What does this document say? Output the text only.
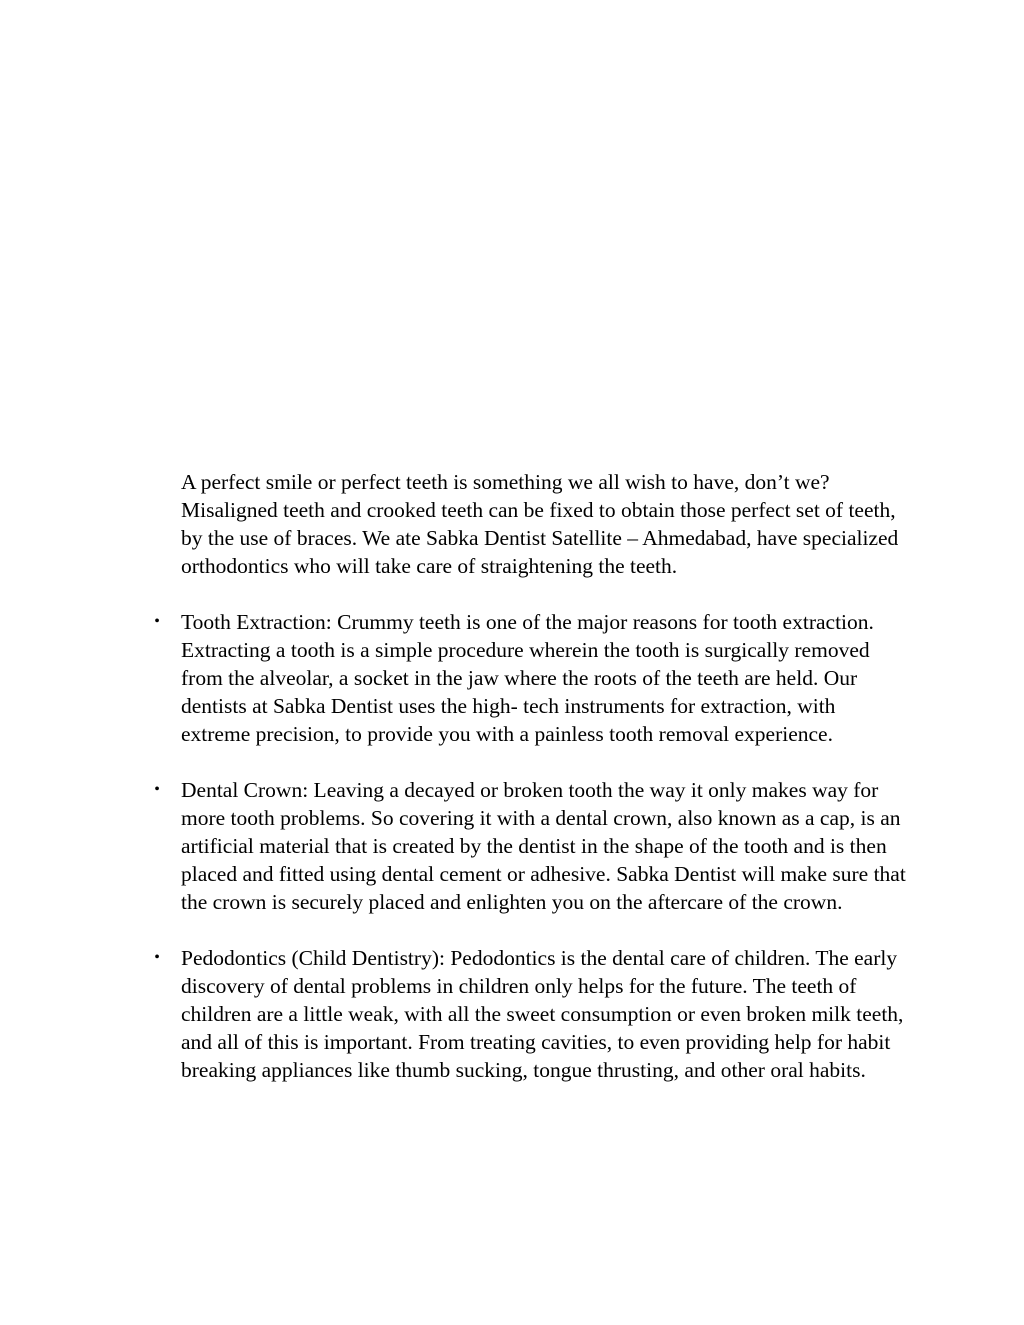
A perfect smile or perfect teeth is something we all wish to have, don’t we? Misaligned teeth and crooked teeth can be fixed to obtain those perfect set of teeth, by the use of braces. We ate Sabka Dentist Satellite – Ahmedabad, have specialized orthodontics who will take care of straightening the teeth.

• Tooth Extraction: Crummy teeth is one of the major reasons for tooth extraction. Extracting a tooth is a simple procedure wherein the tooth is surgically removed from the alveolar, a socket in the jaw where the roots of the teeth are held. Our dentists at Sabka Dentist uses the high- tech instruments for extraction, with extreme precision, to provide you with a painless tooth removal experience.
• Dental Crown: Leaving a decayed or broken tooth the way it only makes way for more tooth problems. So covering it with a dental crown, also known as a cap, is an artificial material that is created by the dentist in the shape of the tooth and is then placed and fitted using dental cement or adhesive. Sabka Dentist will make sure that the crown is securely placed and enlighten you on the aftercare of the crown.
• Pedodontics (Child Dentistry): Pedodontics is the dental care of children. The early discovery of dental problems in children only helps for the future. The teeth of children are a little weak, with all the sweet consumption or even broken milk teeth, and all of this is important. From treating cavities, to even providing help for habit breaking appliances like thumb sucking, tongue thrusting, and other oral habits.
